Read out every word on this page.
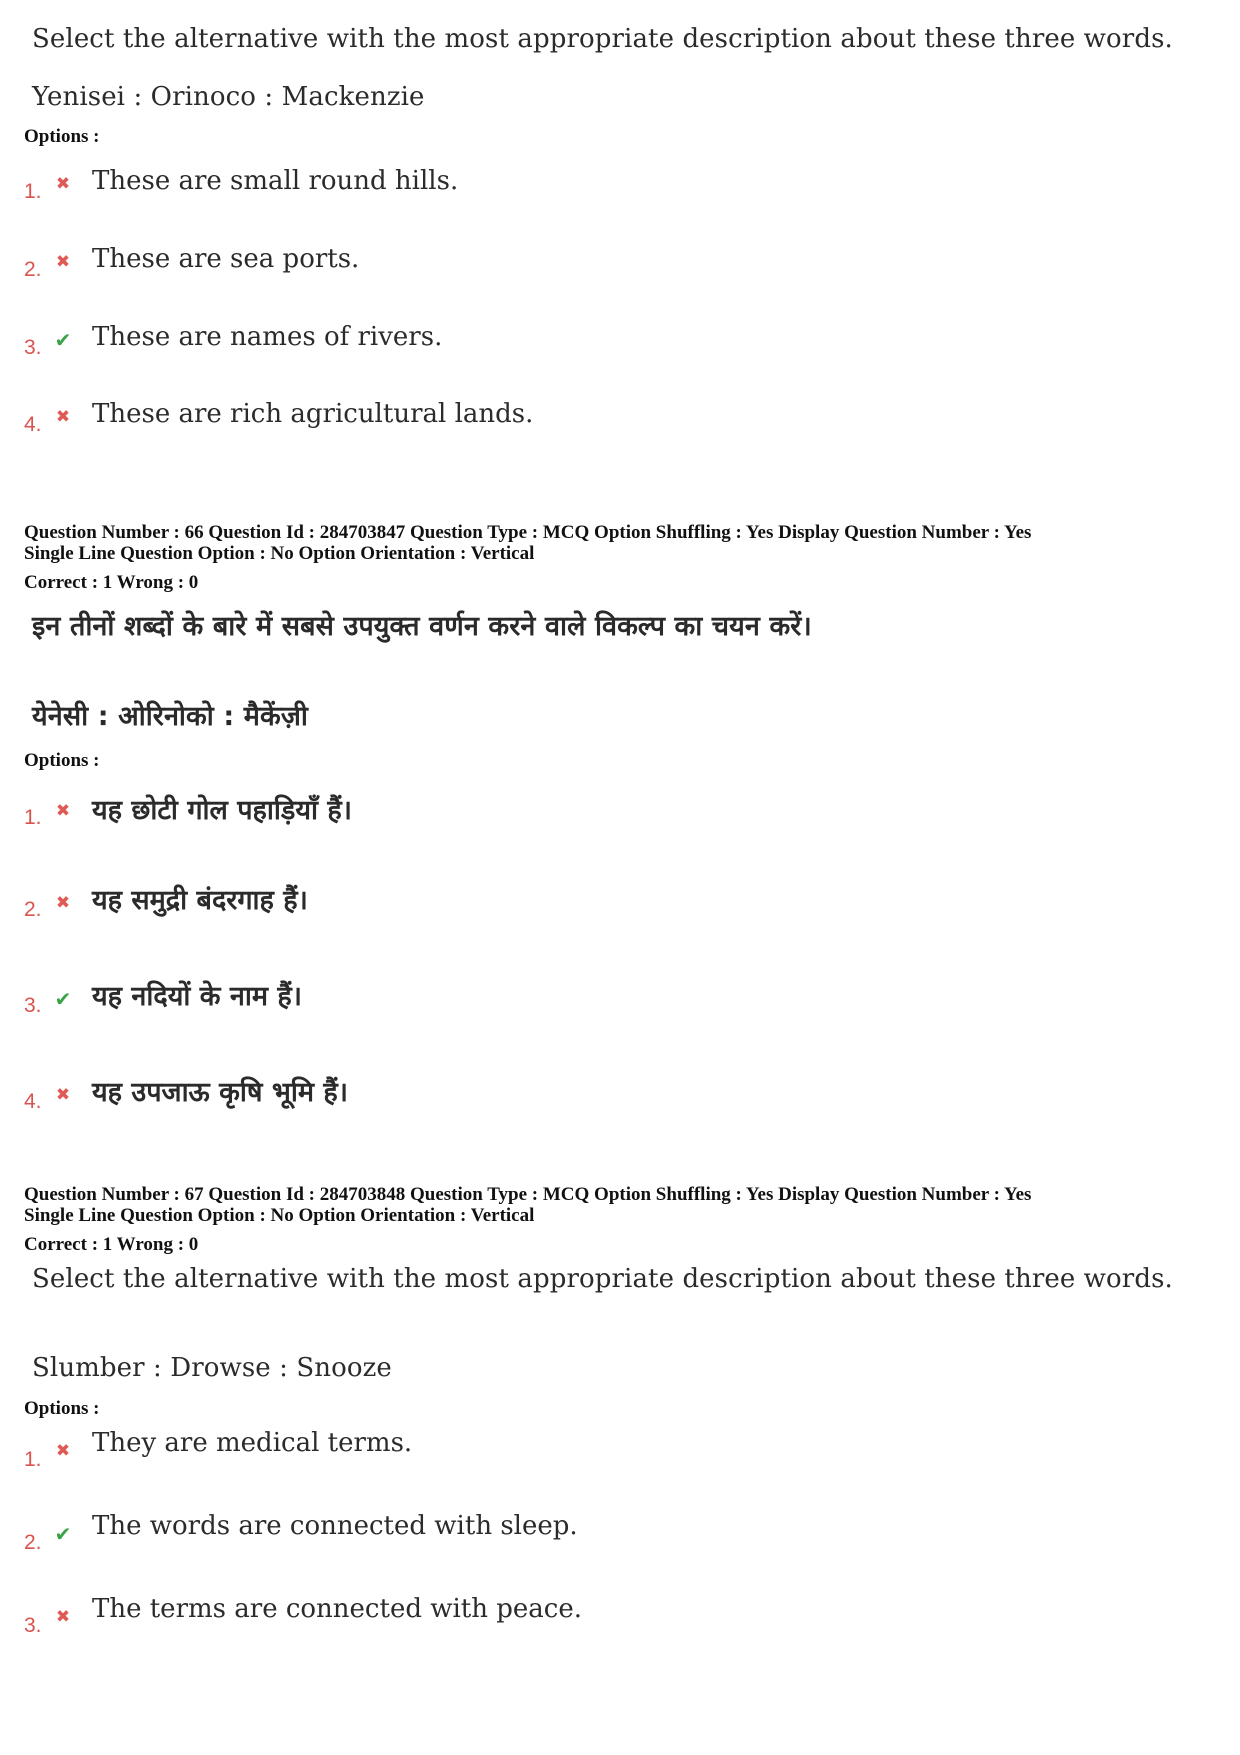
Select the alternative with the most appropriate description about these three words.
Yenisei : Orinoco : Mackenzie
Options :
1. ✖ These are small round hills.
2. ✖ These are sea ports.
3. ✔ These are names of rivers.
4. ✖ These are rich agricultural lands.
Question Number : 66 Question Id : 284703847 Question Type : MCQ Option Shuffling : Yes Display Question Number : Yes
Single Line Question Option : No Option Orientation : Vertical
Correct : 1 Wrong : 0
इन तीनों शब्दों के बारे में सबसे उपयुक्त वर्णन करने वाले विकल्प का चयन करें।
येनेसी : ओरिनोको : मैकेंज़ी
Options :
1. ✖ यह छोटी गोल पहाड़ियाँ हैं।
2. ✖ यह समुद्री बंदरगाह हैं।
3. ✔ यह नदियों के नाम हैं।
4. ✖ यह उपजाऊ कृषि भूमि हैं।
Question Number : 67 Question Id : 284703848 Question Type : MCQ Option Shuffling : Yes Display Question Number : Yes
Single Line Question Option : No Option Orientation : Vertical
Correct : 1 Wrong : 0
Select the alternative with the most appropriate description about these three words.
Slumber : Drowse : Snooze
Options :
1. ✖ They are medical terms.
2. ✔ The words are connected with sleep.
3. ✖ The terms are connected with peace.
